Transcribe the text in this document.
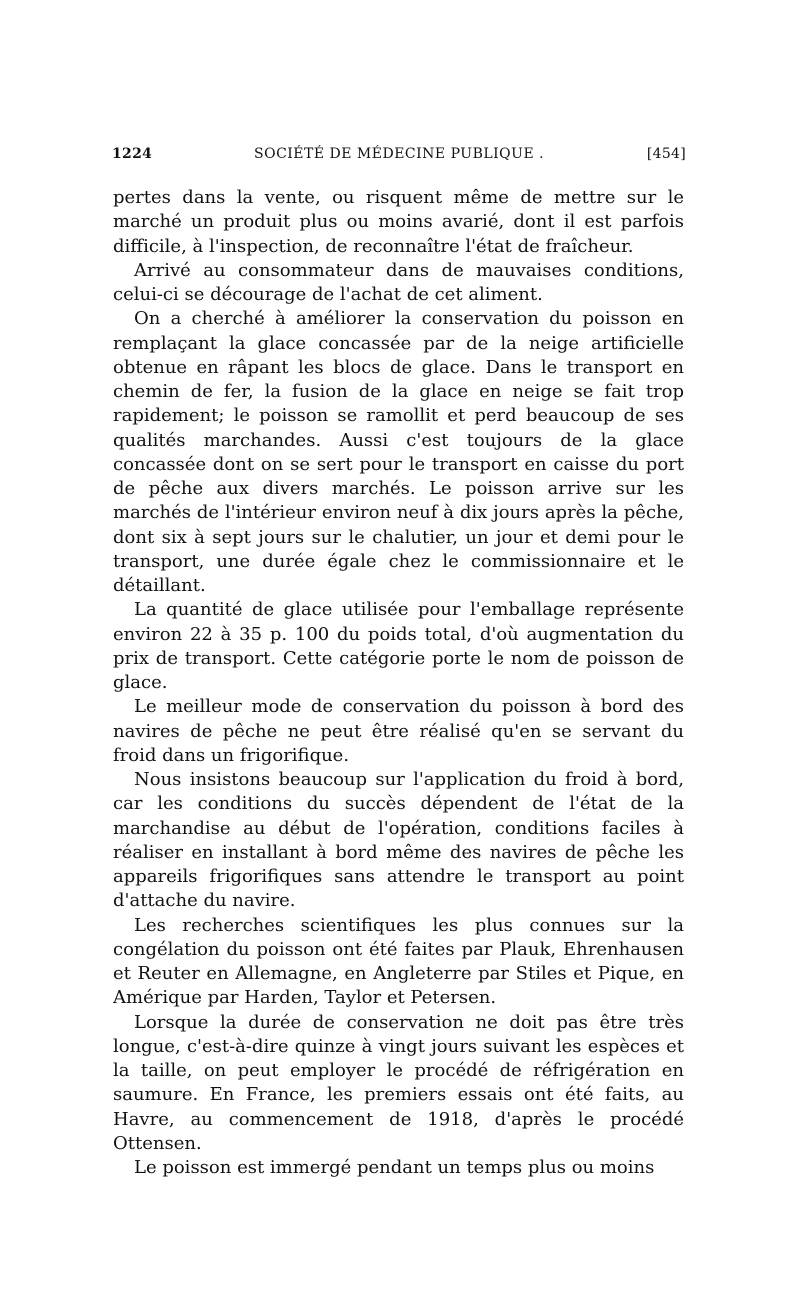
1224	SOCIÉTÉ DE MÉDECINE PUBLIQUE .	[454]

pertes dans la vente, ou risquent même de mettre sur le marché un produit plus ou moins avarié, dont il est parfois difficile, à l'inspection, de reconnaître l'état de fraîcheur.

Arrivé au consommateur dans de mauvaises conditions, celui-ci se décourage de l'achat de cet aliment.

On a cherché à améliorer la conservation du poisson en remplaçant la glace concassée par de la neige artificielle obtenue en râpant les blocs de glace. Dans le transport en chemin de fer, la fusion de la glace en neige se fait trop rapidement; le poisson se ramollit et perd beaucoup de ses qualités marchandes. Aussi c'est toujours de la glace concassée dont on se sert pour le transport en caisse du port de pêche aux divers marchés. Le poisson arrive sur les marchés de l'intérieur environ neuf à dix jours après la pêche, dont six à sept jours sur le chalutier, un jour et demi pour le transport, une durée égale chez le commissionnaire et le détaillant.

La quantité de glace utilisée pour l'emballage représente environ 22 à 35 p. 100 du poids total, d'où augmentation du prix de transport. Cette catégorie porte le nom de poisson de glace.

Le meilleur mode de conservation du poisson à bord des navires de pêche ne peut être réalisé qu'en se servant du froid dans un frigorifique.

Nous insistons beaucoup sur l'application du froid à bord, car les conditions du succès dépendent de l'état de la marchandise au début de l'opération, conditions faciles à réaliser en installant à bord même des navires de pêche les appareils frigorifiques sans attendre le transport au point d'attache du navire.

Les recherches scientifiques les plus connues sur la congélation du poisson ont été faites par Plauk, Ehrenhausen et Reuter en Allemagne, en Angleterre par Stiles et Pique, en Amérique par Harden, Taylor et Petersen.

Lorsque la durée de conservation ne doit pas être très longue, c'est-à-dire quinze à vingt jours suivant les espèces et la taille, on peut employer le procédé de réfrigération en saumure. En France, les premiers essais ont été faits, au Havre, au commencement de 1918, d'après le procédé Ottensen.

Le poisson est immergé pendant un temps plus ou moins
